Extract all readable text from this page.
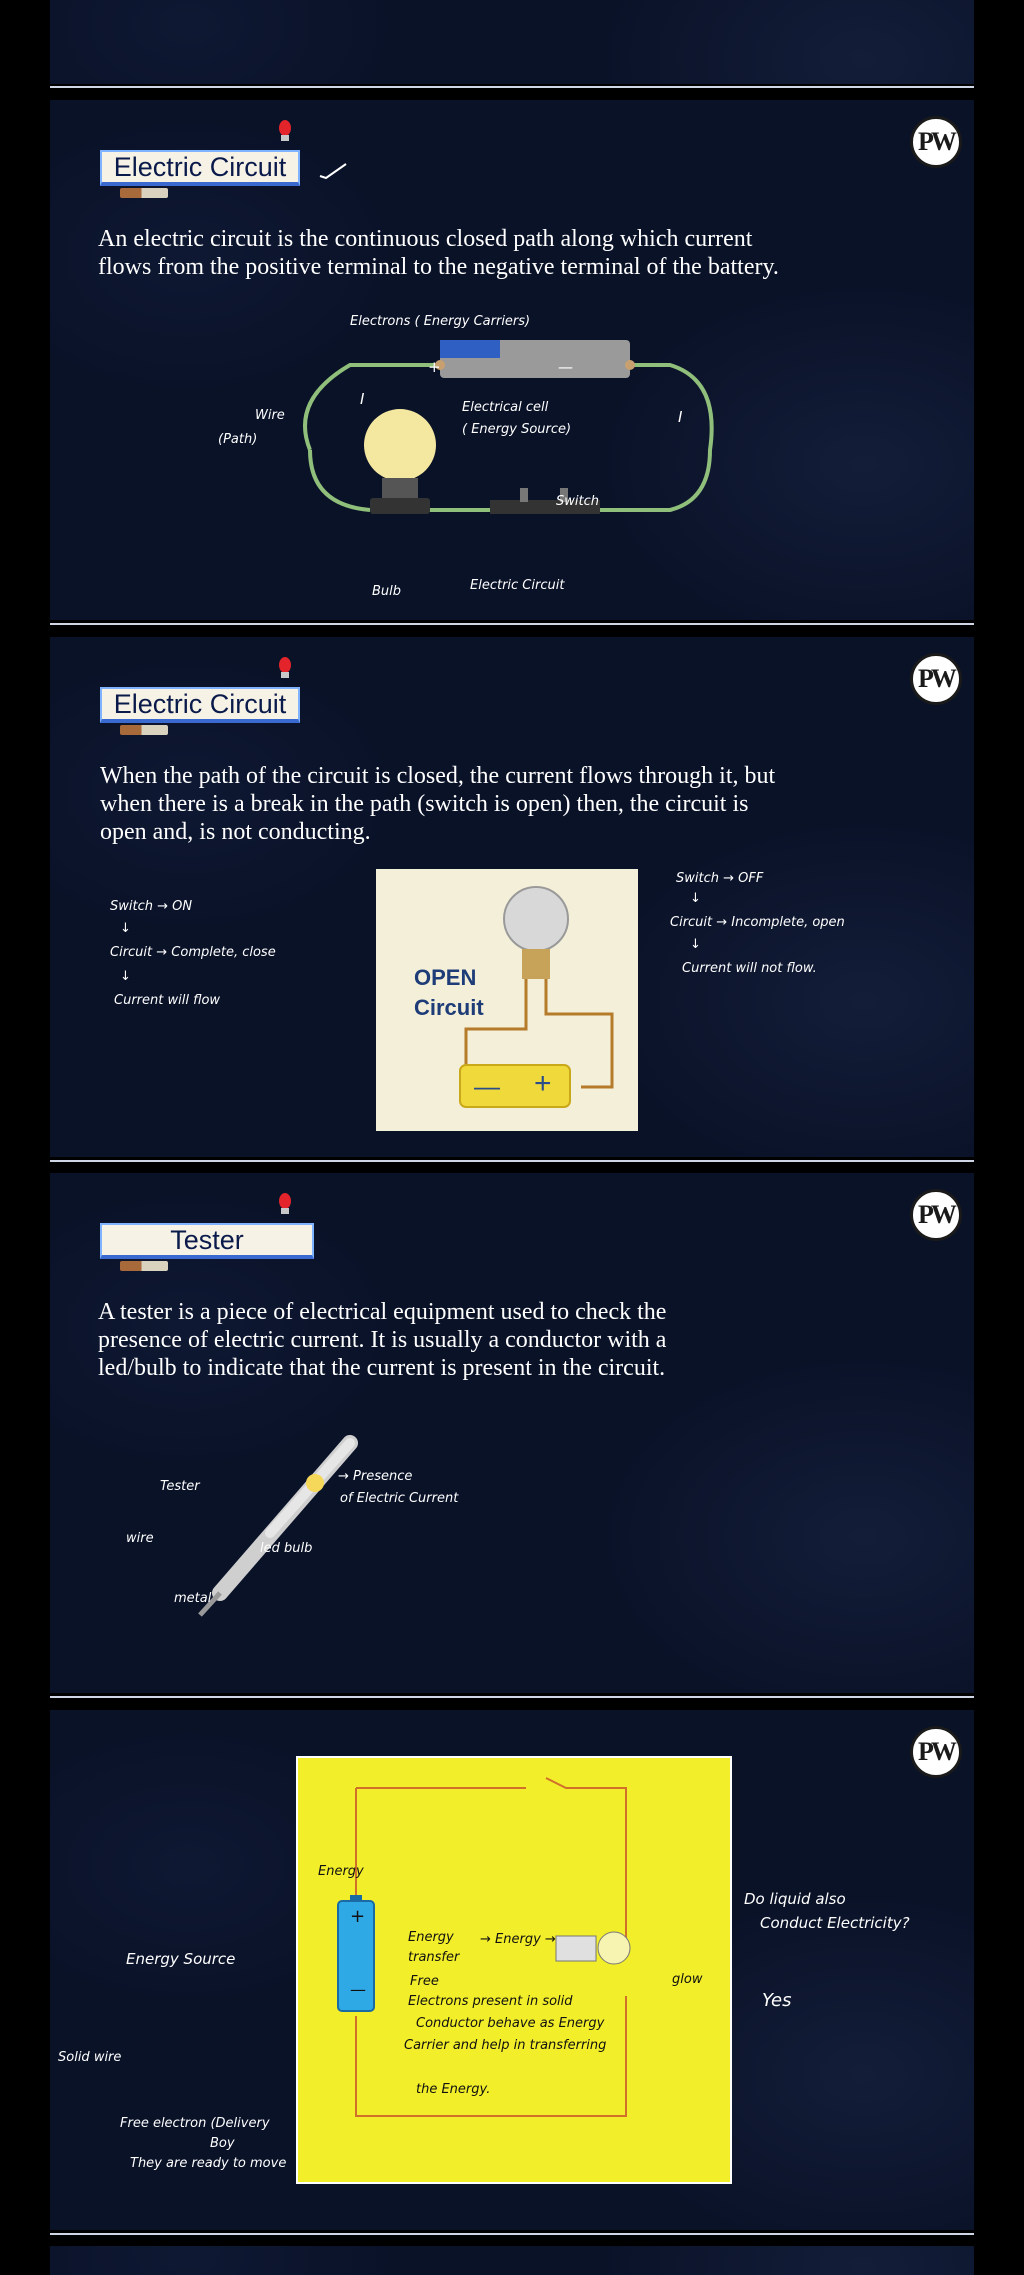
Electric Circuit
PW
An electric circuit is the continuous closed path along which current
flows from the positive terminal to the negative terminal of the battery.
Electrons ( Energy Carriers)
+	—
Electrical cell
( Energy Source)
Wire
(Path)
I
I
Switch
Bulb	Electric Circuit
Electric Circuit
PW
When the path of the circuit is closed, the current flows through it, but
when there is a break in the path (switch is open) then, the circuit is
open and, is not conducting.
Switch → ON
↓
Circuit → Complete, close
↓
Current will flow
OPEN
Circuit
— +
Switch → OFF
↓
Circuit → Incomplete, open
↓
Current will not flow.
Tester
PW
A tester is a piece of electrical equipment used to check the
presence of electric current. It is usually a conductor with a
led/bulb to indicate that the current is present in the circuit.
Tester
→ Presence
of Electric Current
led bulb
wire
metal
PW
+
—
Energy
Energy
transfer
→ Energy →
glow
Free
Electrons present in solid
Conductor behave as Energy
Carrier and help in transferring
the Energy.
Energy Source
Solid wire
Free electron (Delivery
Boy
They are ready to move
Do liquid also
Conduct Electricity?
Yes
